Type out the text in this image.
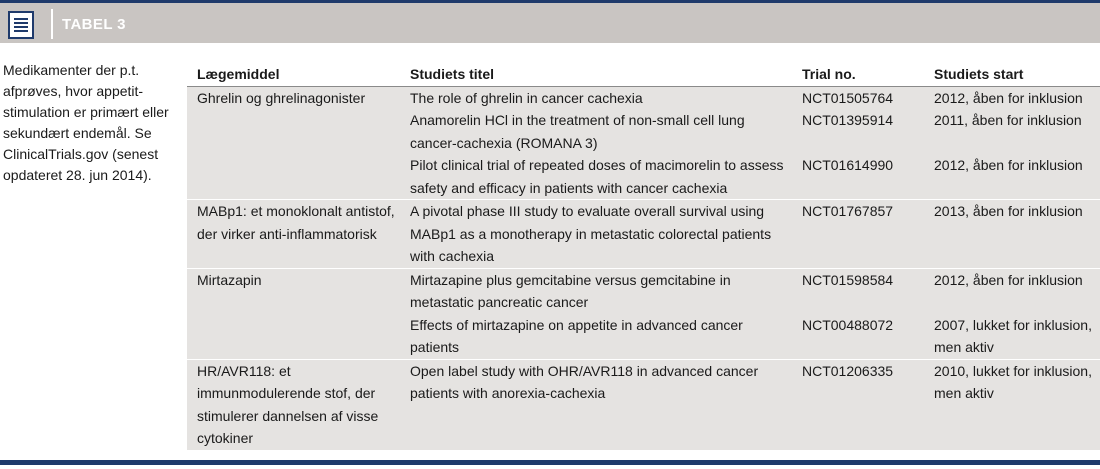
TABEL 3

Medikamenter der p.t. afprøves, hvor appetit-stimulation er primært eller sekundært endemål. Se ClinicalTrials.gov (senest opdateret 28. jun 2014).

Lægemiddel	Studiets titel	Trial no.	Studiets start
Ghrelin og ghrelinagonister	The role of ghrelin in cancer cachexia	NCT01505764	2012, åben for inklusion
	Anamorelin HCl in the treatment of non-small cell lung cancer-cachexia (ROMANA 3)	NCT01395914	2011, åben for inklusion
	Pilot clinical trial of repeated doses of macimorelin to assess safety and efficacy in patients with cancer cachexia	NCT01614990	2012, åben for inklusion
MABp1: et monoklonalt antistof, der virker anti-inflammatorisk	A pivotal phase III study to evaluate overall survival using MABp1 as a monotherapy in metastatic colorectal patients with cachexia	NCT01767857	2013, åben for inklusion
Mirtazapin	Mirtazapine plus gemcitabine versus gemcitabine in metastatic pancreatic cancer	NCT01598584	2012, åben for inklusion
	Effects of mirtazapine on appetite in advanced cancer patients	NCT00488072	2007, lukket for inklusion, men aktiv
HR/AVR118: et immunmodulerende stof, der stimulerer dannelsen af visse cytokiner	Open label study with OHR/AVR118 in advanced cancer patients with anorexia-cachexia	NCT01206335	2010, lukket for inklusion, men aktiv
